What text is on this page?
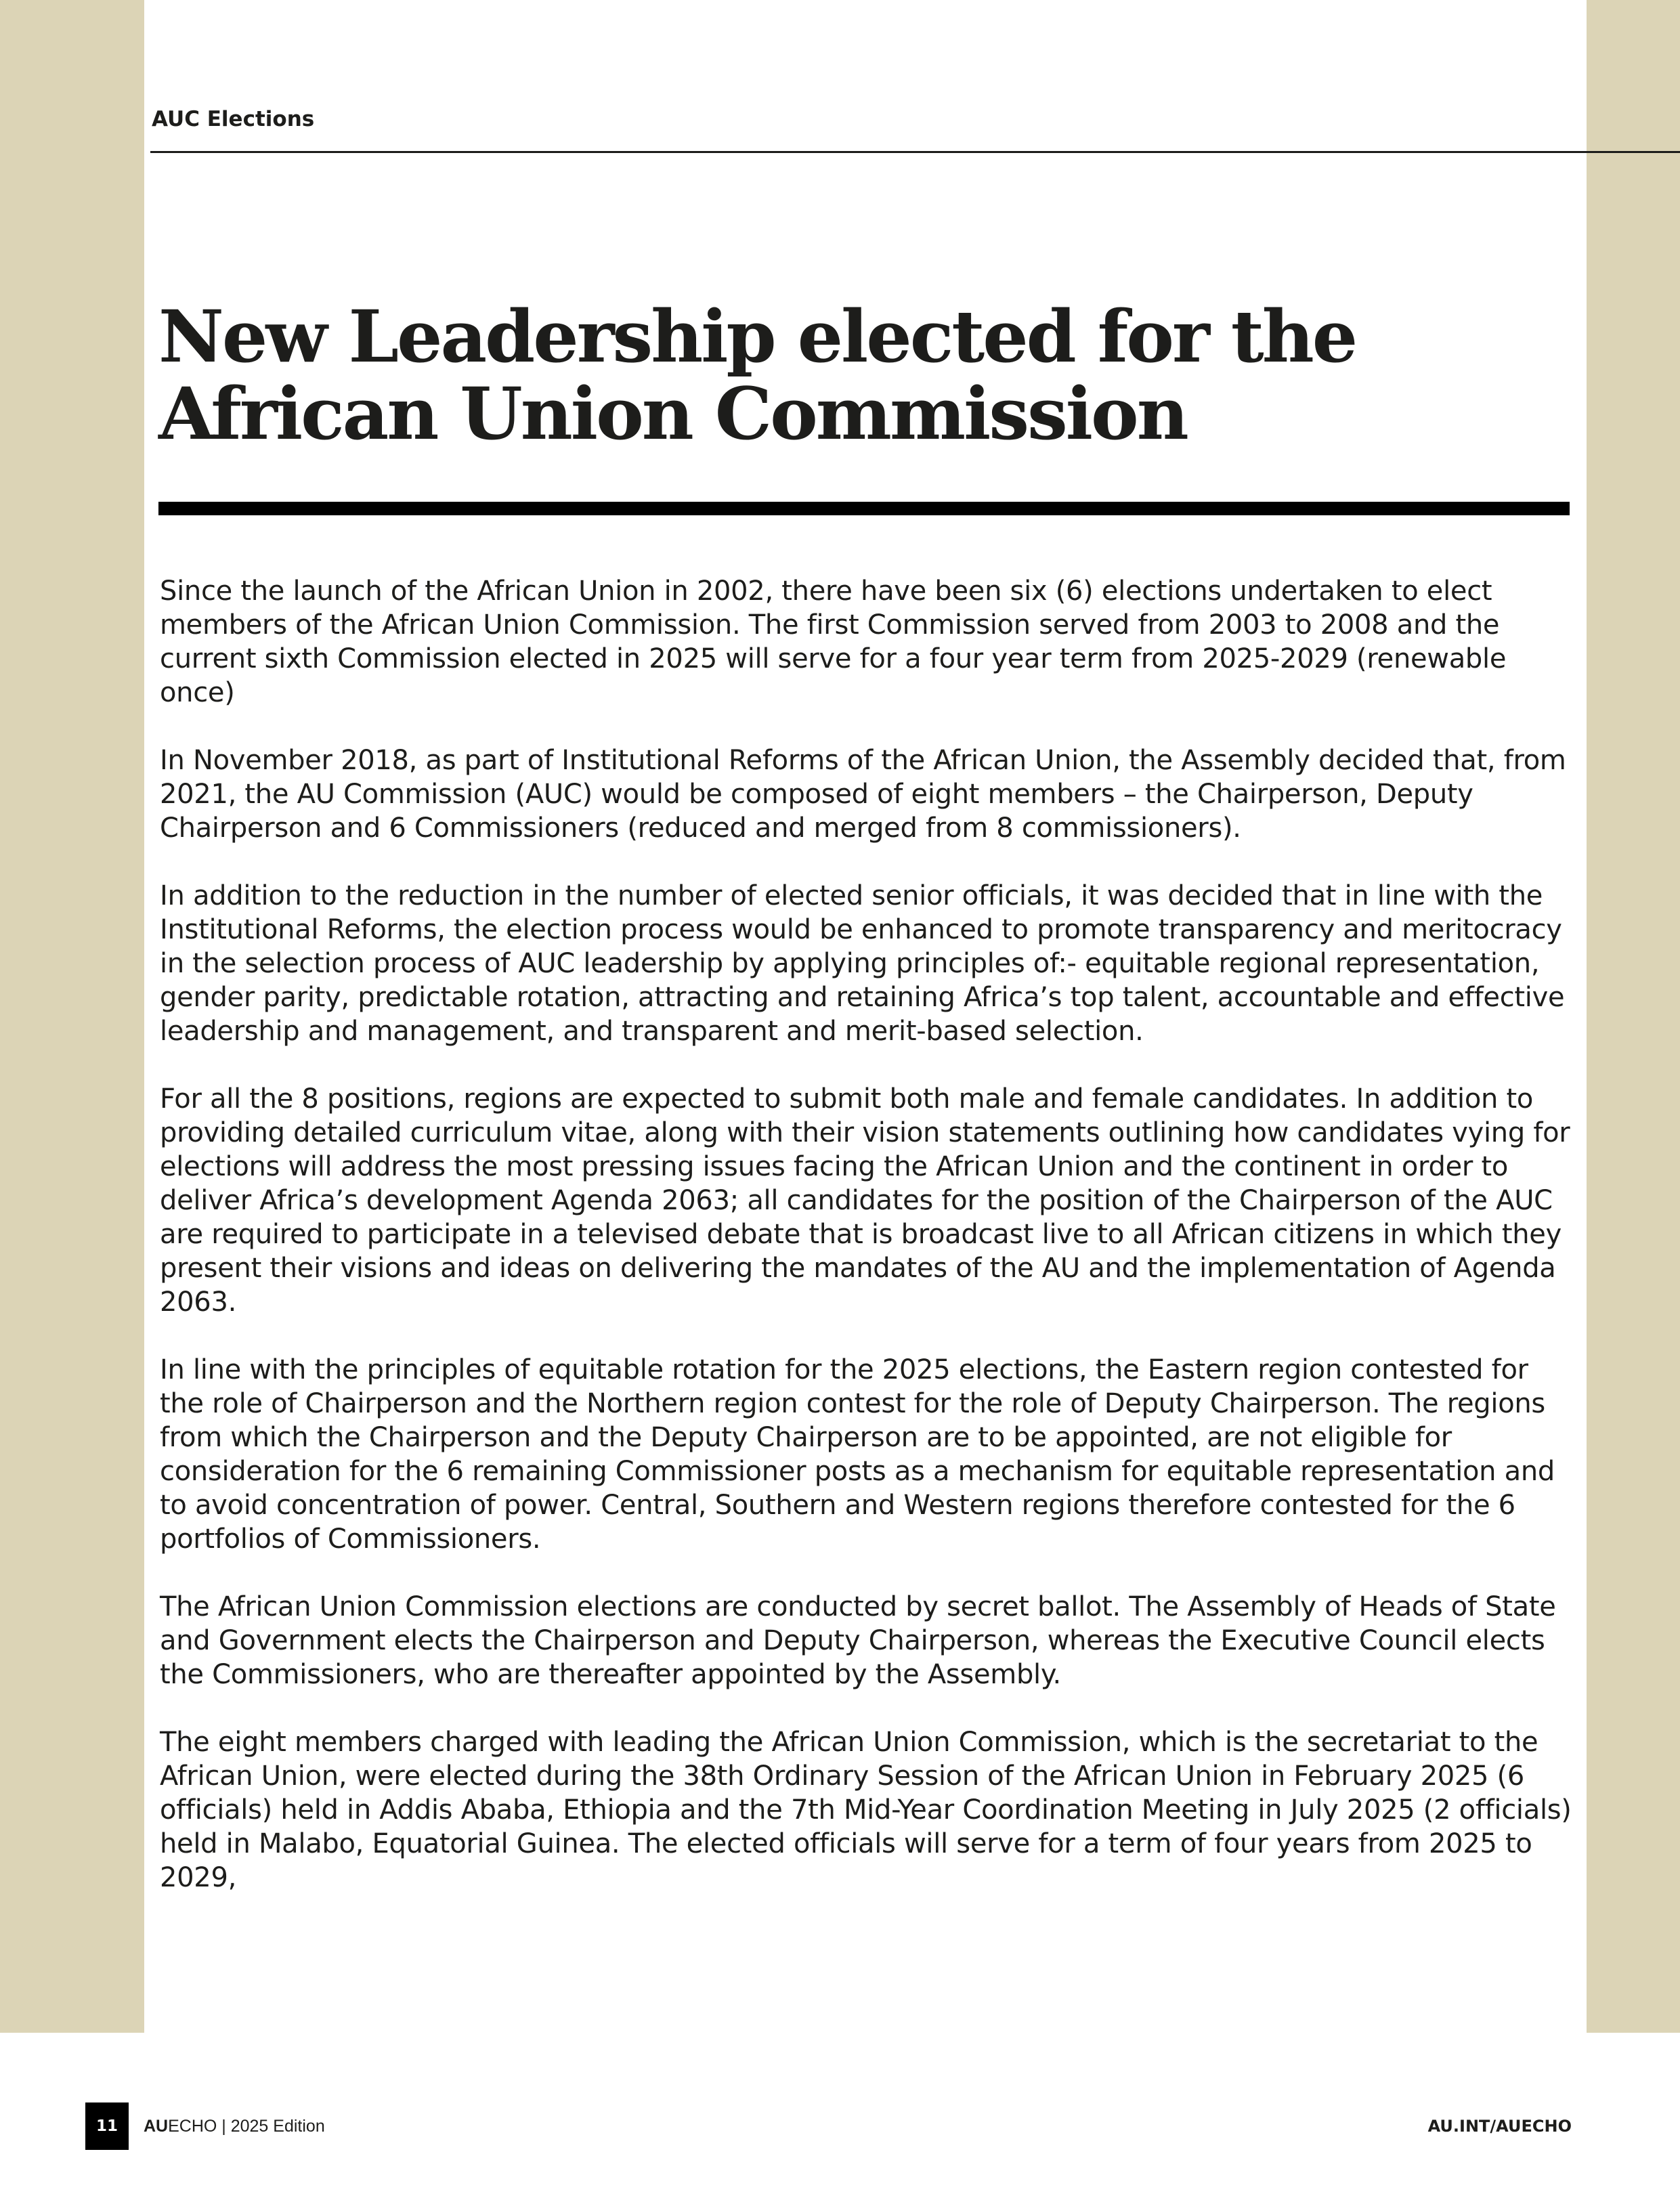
AUC Elections
New Leadership elected for the African Union Commission

Since the launch of the African Union in 2002, there have been six (6) elections undertaken to elect members of the African Union Commission. The first Commission served from 2003 to 2008 and the current sixth Commission elected in 2025 will serve for a four year term from 2025-2029 (renewable once)

In November 2018, as part of Institutional Reforms of the African Union, the Assembly decided that, from 2021, the AU Commission (AUC) would be composed of eight members – the Chairperson, Deputy Chairperson and 6 Commissioners (reduced and merged from 8 commissioners).

In addition to the reduction in the number of elected senior officials, it was decided that in line with the Institutional Reforms, the election process would be enhanced to promote transparency and meritocracy in the selection process of AUC leadership by applying principles of:- equitable regional representation, gender parity, predictable rotation, attracting and retaining Africa’s top talent, accountable and effective leadership and management, and transparent and merit-based selection.

For all the 8 positions, regions are expected to submit both male and female candidates. In addition to providing detailed curriculum vitae, along with their vision statements outlining how candidates vying for elections will address the most pressing issues facing the African Union and the continent in order to deliver Africa’s development Agenda 2063; all candidates for the position of the Chairperson of the AUC are required to participate in a televised debate that is broadcast live to all African citizens in which they present their visions and ideas on delivering the mandates of the AU and the implementation of Agenda 2063.

In line with the principles of equitable rotation for the 2025 elections, the Eastern region contested for the role of Chairperson and the Northern region contest for the role of Deputy Chairperson. The regions from which the Chairperson and the Deputy Chairperson are to be appointed, are not eligible for consideration for the 6 remaining Commissioner posts as a mechanism for equitable representation and to avoid concentration of power. Central, Southern and Western regions therefore contested for the 6 portfolios of Commissioners.

The African Union Commission elections are conducted by secret ballot. The Assembly of Heads of State and Government elects the Chairperson and Deputy Chairperson, whereas the Executive Council elects the Commissioners, who are thereafter appointed by the Assembly.

The eight members charged with leading the African Union Commission, which is the secretariat to the African Union, were elected during the 38th Ordinary Session of the African Union in February 2025 (6 officials) held in Addis Ababa, Ethiopia and the 7th Mid-Year Coordination Meeting in July 2025 (2 officials) held in Malabo, Equatorial Guinea. The elected officials will serve for a term of four years from 2025 to 2029,

11	AUECHO | 2025 Edition	AU.INT/AUECHO
